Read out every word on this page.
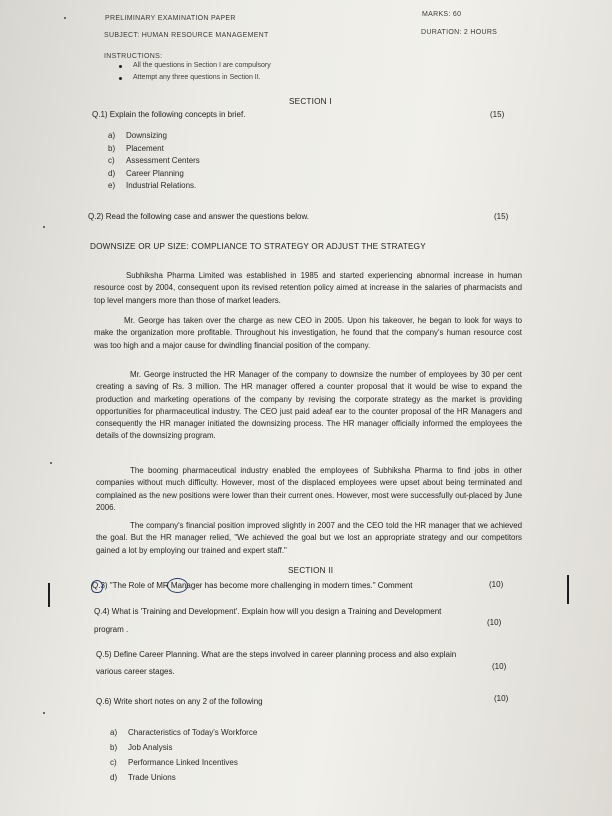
PRELIMINARY EXAMINATION PAPER
MARKS: 60
SUBJECT: HUMAN RESOURCE MANAGEMENT	DURATION: 2 HOURS
INSTRUCTIONS:
All the questions in Section I are compulsory
Attempt any three questions in Section II.
SECTION I
Q.1) Explain the following concepts in brief.	(15)
a)	Downsizing
b)	Placement
c)	Assessment Centers
d)	Career Planning
e)	Industrial Relations.
Q.2) Read the following case and answer the questions below.	(15)
DOWNSIZE OR UP SIZE: COMPLIANCE TO STRATEGY OR ADJUST THE STRATEGY
Subhiksha Pharma Limited was established in 1985 and started experiencing abnormal increase in human resource cost by 2004, consequent upon its revised retention policy aimed at increase in the salaries of pharmacists and top level mangers more than those of market leaders.
Mr. George has taken over the charge as new CEO in 2005. Upon his takeover, he began to look for ways to make the organization more profitable. Throughout his investigation, he found that the company's human resource cost was too high and a major cause for dwindling financial position of the company.
Mr. George instructed the HR Manager of the company to downsize the number of employees by 30 per cent creating a saving of Rs. 3 million. The HR manager offered a counter proposal that it would be wise to expand the production and marketing operations of the company by revising the corporate strategy as the market is providing opportunities for pharmaceutical industry. The CEO just paid adeaf ear to the counter proposal of the HR Managers and consequently the HR manager initiated the downsizing process. The HR manager officially informed the employees the details of the downsizing program.
The booming pharmaceutical industry enabled the employees of Subhiksha Pharma to find jobs in other companies without much difficulty. However, most of the displaced employees were upset about being terminated and complained as the new positions were lower than their current ones. However, most were successfully out-placed by June 2006.
The company's financial position improved slightly in 2007 and the CEO told the HR manager that we achieved the goal. But the HR manager relied, "We achieved the goal but we lost an appropriate strategy and our competitors gained a lot by employing our trained and expert staff."
SECTION II
Q.3) "The Role of MR Manager has become more challenging in modern times." Comment	(10)
Q.4) What is 'Training and Development'. Explain how will you design a Training and Development
program .
(10)
Q.5) Define Career Planning. What are the steps involved in career planning process and also explain
various career stages.
(10)
Q.6) Write short notes on any 2 of the following	(10)
a)	Characteristics of Today's Workforce
b)	Job Analysis
c)	Performance Linked Incentives
d)	Trade Unions
